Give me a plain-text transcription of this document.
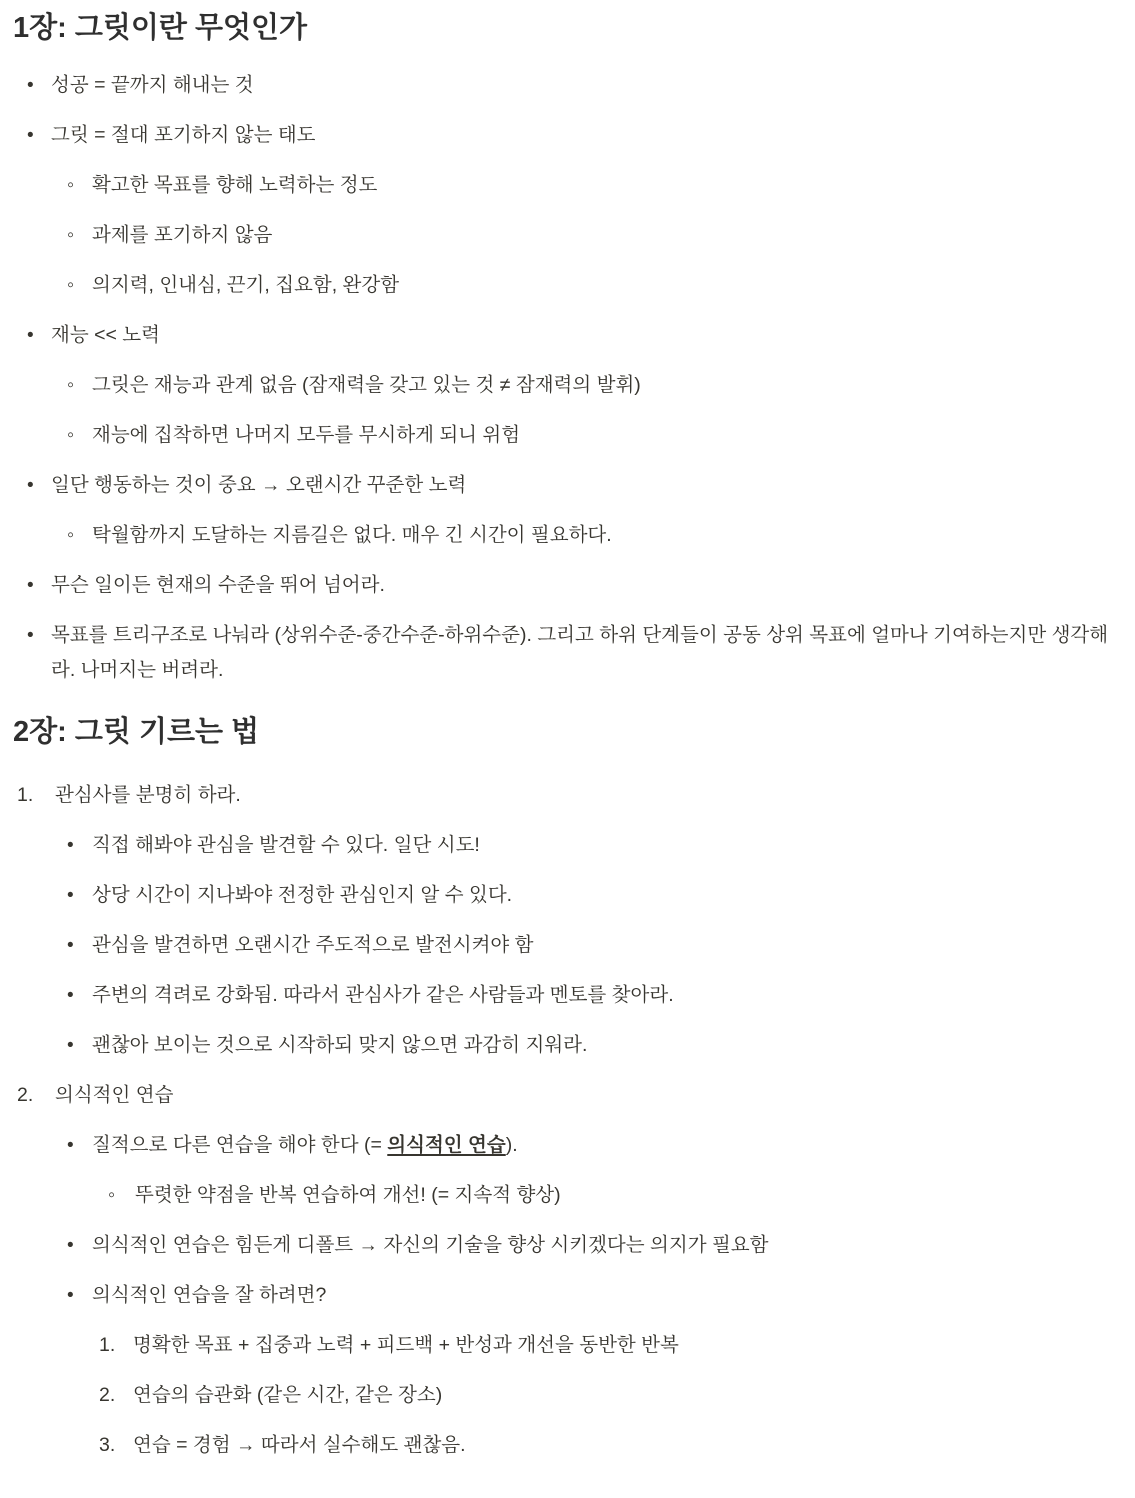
1장: 그릿이란 무엇인가
• 성공 = 끝까지 해내는 것
• 그릿 = 절대 포기하지 않는 태도
◦ 확고한 목표를 향해 노력하는 정도
◦ 과제를 포기하지 않음
◦ 의지력, 인내심, 끈기, 집요함, 완강함
• 재능 << 노력
◦ 그릿은 재능과 관계 없음 (잠재력을 갖고 있는 것 ≠ 잠재력의 발휘)
◦ 재능에 집착하면 나머지 모두를 무시하게 되니 위험
• 일단 행동하는 것이 중요 → 오랜시간 꾸준한 노력
◦ 탁월함까지 도달하는 지름길은 없다. 매우 긴 시간이 필요하다.
• 무슨 일이든 현재의 수준을 뛰어 넘어라.
• 목표를 트리구조로 나눠라 (상위수준-중간수준-하위수준). 그리고 하위 단계들이 공동 상위 목표에 얼마나 기여하는지만 생각해라. 나머지는 버려라.
2장: 그릿 기르는 법
1.	관심사를 분명히 하라.
• 직접 해봐야 관심을 발견할 수 있다. 일단 시도!
• 상당 시간이 지나봐야 전정한 관심인지 알 수 있다.
• 관심을 발견하면 오랜시간 주도적으로 발전시켜야 함
• 주변의 격려로 강화됨. 따라서 관심사가 같은 사람들과 멘토를 찾아라.
• 괜찮아 보이는 것으로 시작하되 맞지 않으면 과감히 지워라.
2.	의식적인 연습
• 질적으로 다른 연습을 해야 한다 (= 의식적인 연습).
◦	뚜렷한 약점을 반복 연습하여 개선! (= 지속적 향상)
• 의식적인 연습은 힘든게 디폴트 → 자신의 기술을 향상 시키겠다는 의지가 필요함
• 의식적인 연습을 잘 하려면?
1. 명확한 목표 + 집중과 노력 + 피드백 + 반성과 개선을 동반한 반복
2. 연습의 습관화 (같은 시간, 같은 장소)
3. 연습 = 경험 → 따라서 실수해도 괜찮음.
